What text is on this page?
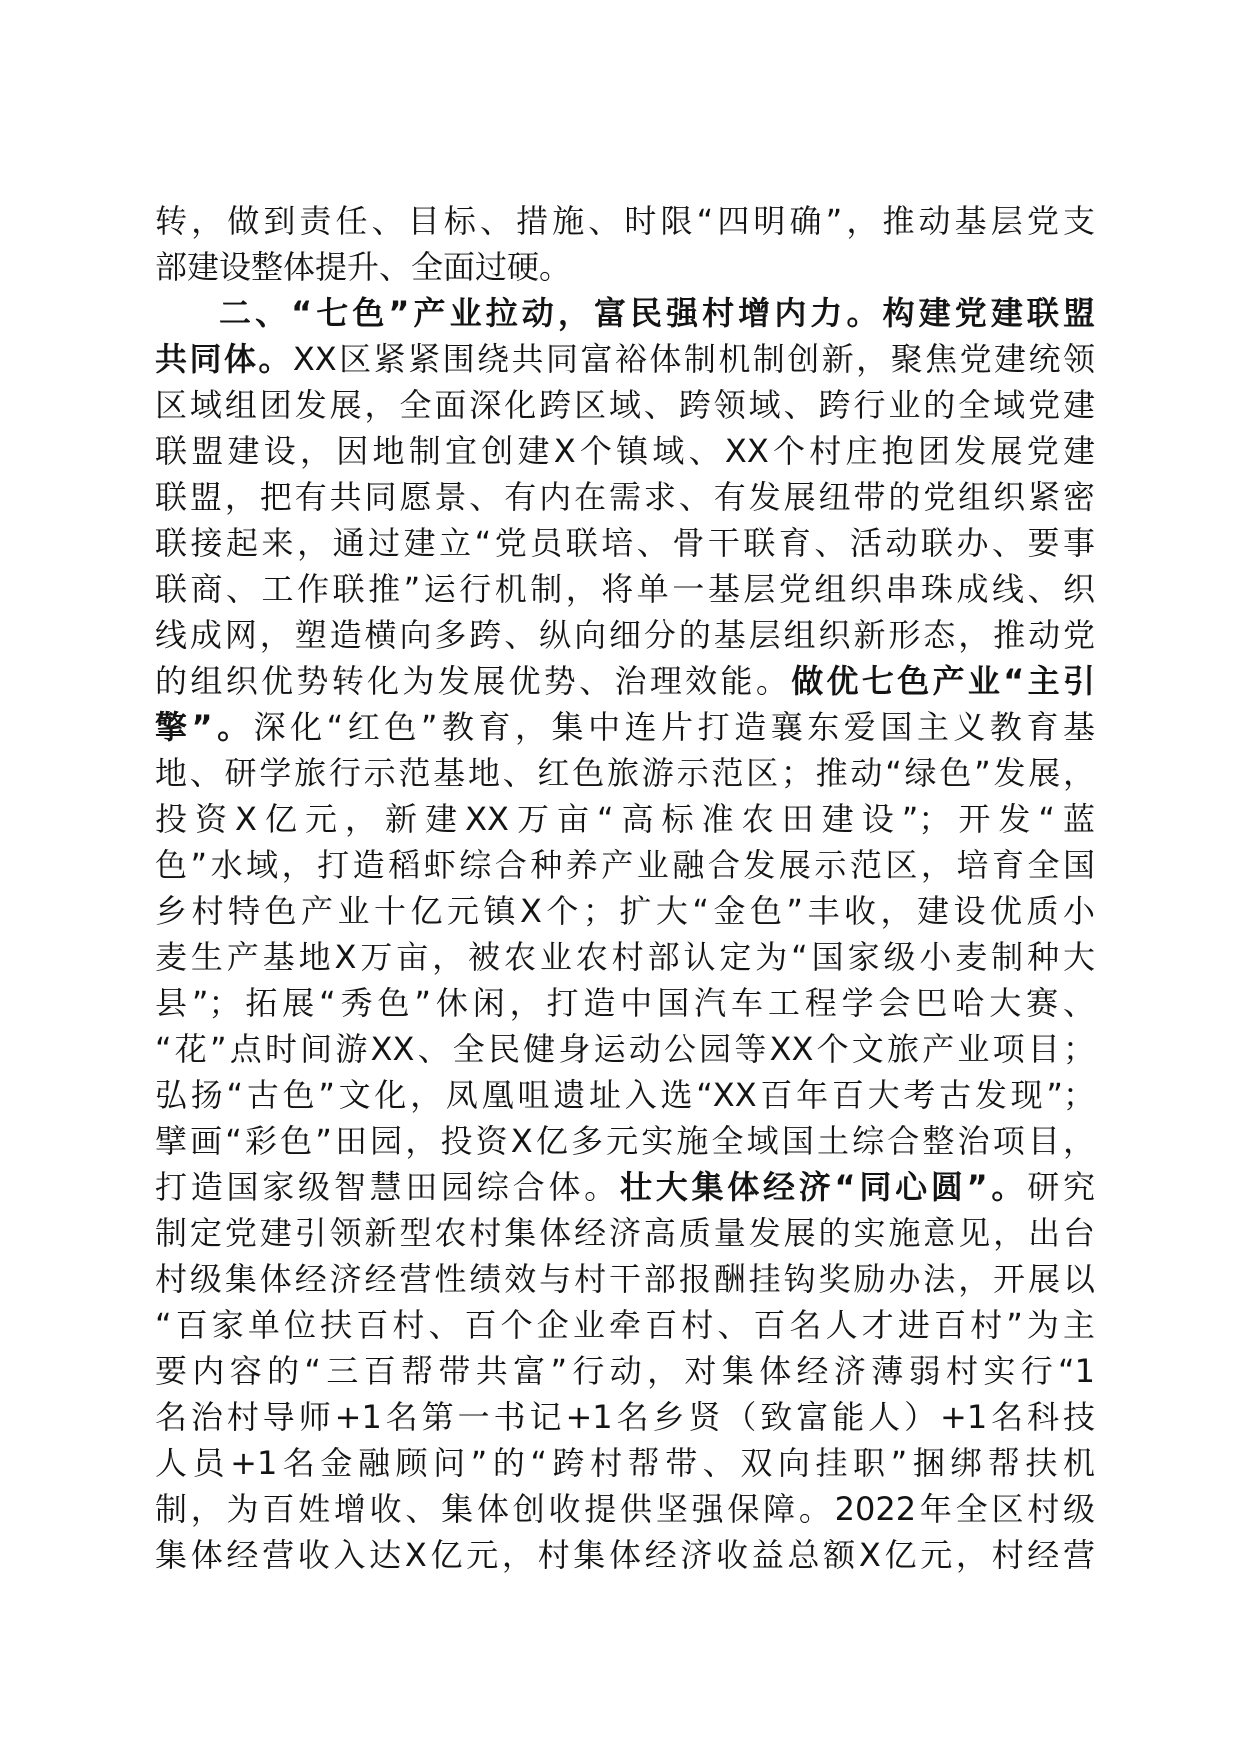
转，做到责任、目标、措施、时限“四明确”，推动基层党支
部建设整体提升、全面过硬。
二、“七色”产业拉动，富民强村增内力。构建党建联盟
共同体。XX区紧紧围绕共同富裕体制机制创新，聚焦党建统领
区域组团发展，全面深化跨区域、跨领域、跨行业的全域党建
联盟建设，因地制宜创建X个镇域、XX个村庄抱团发展党建
联盟，把有共同愿景、有内在需求、有发展纽带的党组织紧密
联接起来，通过建立“党员联培、骨干联育、活动联办、要事
联商、工作联推”运行机制，将单一基层党组织串珠成线、织
线成网，塑造横向多跨、纵向细分的基层组织新形态，推动党
的组织优势转化为发展优势、治理效能。做优七色产业“主引
擎”。深化“红色”教育，集中连片打造襄东爱国主义教育基
地、研学旅行示范基地、红色旅游示范区；推动“绿色”发展，
投资X亿元，新建XX万亩“高标准农田建设”；开发“蓝
色”水域，打造稻虾综合种养产业融合发展示范区，培育全国
乡村特色产业十亿元镇X个；扩大“金色”丰收，建设优质小
麦生产基地X万亩，被农业农村部认定为“国家级小麦制种大
县”；拓展“秀色”休闲，打造中国汽车工程学会巴哈大赛、
“花”点时间游XX、全民健身运动公园等XX个文旅产业项目；
弘扬“古色”文化，凤凰咀遗址入选“XX百年百大考古发现”；
擘画“彩色”田园，投资X亿多元实施全域国土综合整治项目，
打造国家级智慧田园综合体。壮大集体经济“同心圆”。研究
制定党建引领新型农村集体经济高质量发展的实施意见，出台
村级集体经济经营性绩效与村干部报酬挂钩奖励办法，开展以
“百家单位扶百村、百个企业牵百村、百名人才进百村”为主
要内容的“三百帮带共富”行动，对集体经济薄弱村实行“1
名治村导师+1名第一书记+1名乡贤（致富能人）+1名科技
人员+1名金融顾问”的“跨村帮带、双向挂职”捆绑帮扶机
制，为百姓增收、集体创收提供坚强保障。2022年全区村级
集体经营收入达X亿元，村集体经济收益总额X亿元，村经营
